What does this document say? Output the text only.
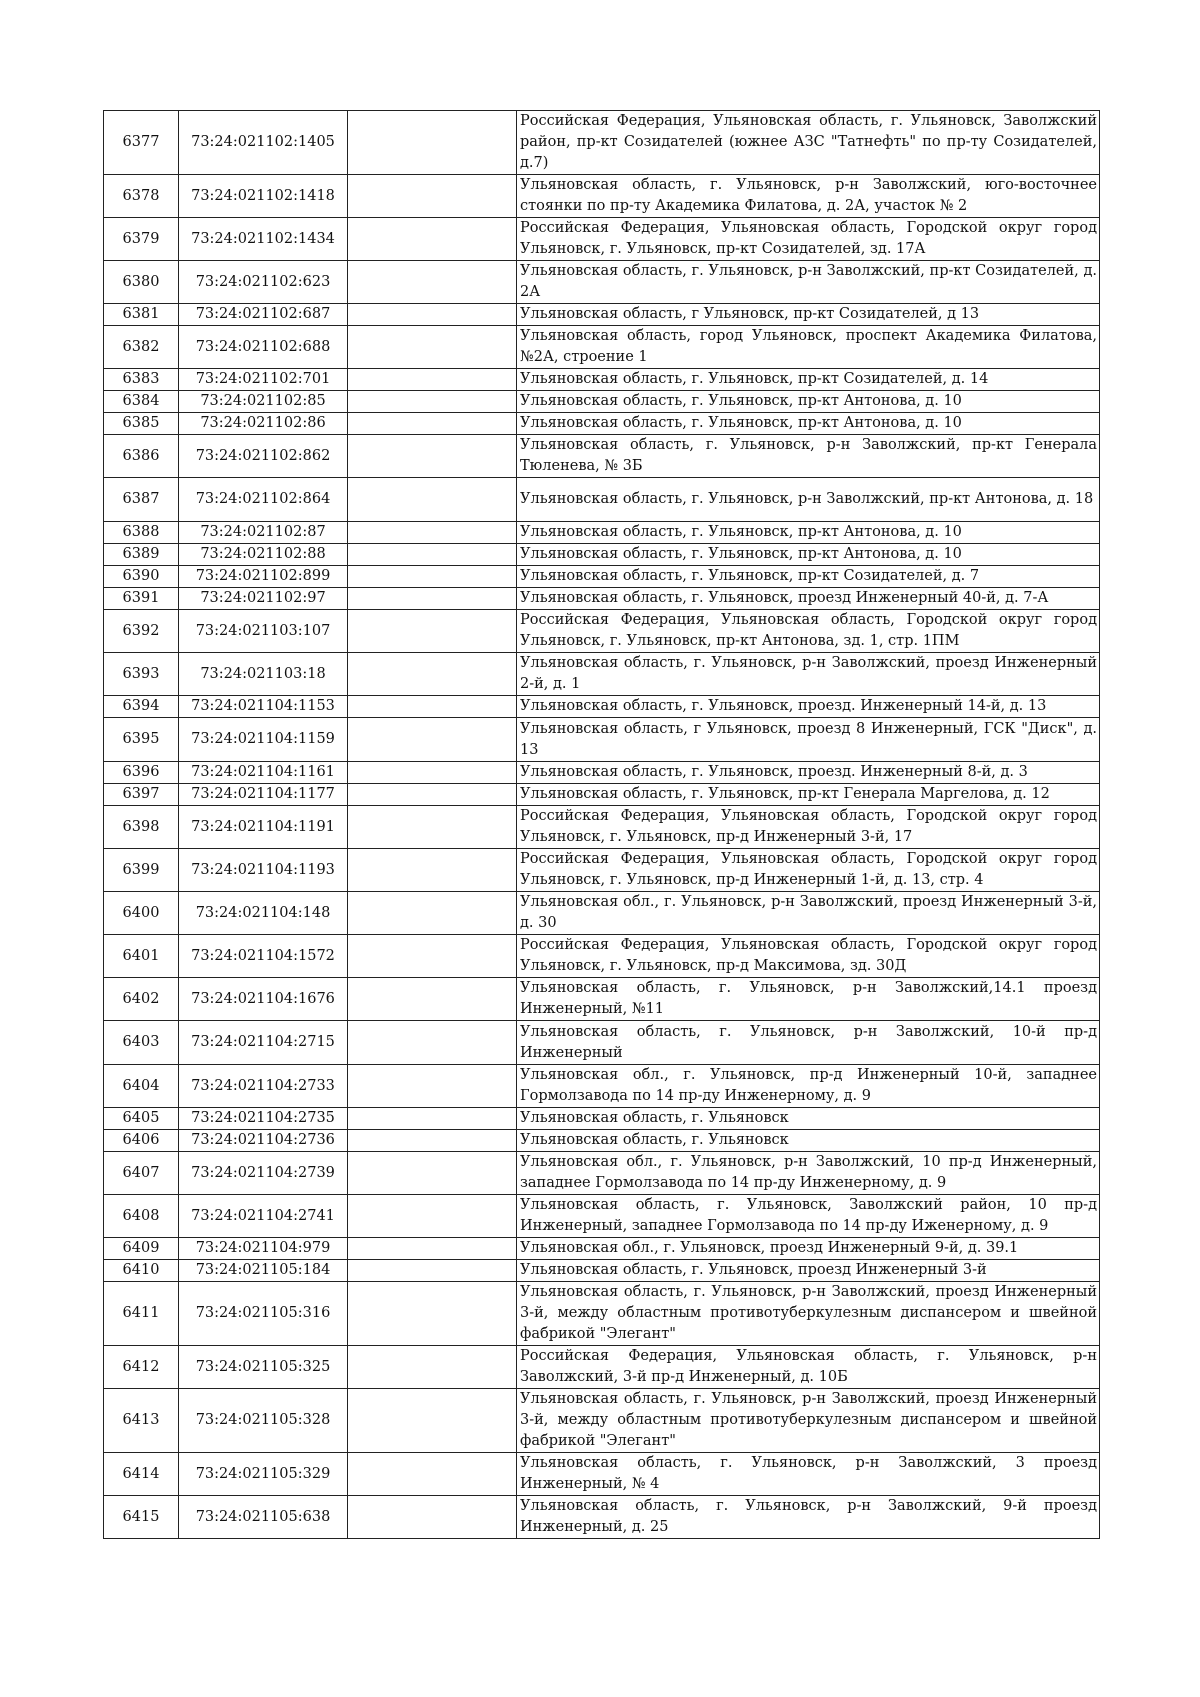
6377	73:24:021102:1405		Российская Федерация, Ульяновская область, г. Ульяновск, Заволжский район, пр-кт Созидателей (южнее АЗС "Татнефть" по пр-ту Созидателей, д.7)
6378	73:24:021102:1418		Ульяновская область, г. Ульяновск, р-н Заволжский, юго-восточнее стоянки по пр-ту Академика Филатова, д. 2А, участок № 2
6379	73:24:021102:1434		Российская Федерация, Ульяновская область, Городской округ город Ульяновск, г. Ульяновск, пр-кт Созидателей, зд. 17А
6380	73:24:021102:623		Ульяновская область, г. Ульяновск, р-н Заволжский, пр-кт Созидателей, д. 2А
6381	73:24:021102:687		Ульяновская область, г Ульяновск, пр-кт Созидателей, д 13
6382	73:24:021102:688		Ульяновская область, город Ульяновск, проспект Академика Филатова, №2А, строение 1
6383	73:24:021102:701		Ульяновская область, г. Ульяновск, пр-кт Созидателей, д. 14
6384	73:24:021102:85		Ульяновская область, г. Ульяновск, пр-кт Антонова, д. 10
6385	73:24:021102:86		Ульяновская область, г. Ульяновск, пр-кт Антонова, д. 10
6386	73:24:021102:862		Ульяновская область, г. Ульяновск, р-н Заволжский, пр-кт Генерала Тюленева, № 3Б
6387	73:24:021102:864		Ульяновская область, г. Ульяновск, р-н Заволжский, пр-кт Антонова, д. 18
6388	73:24:021102:87		Ульяновская область, г. Ульяновск, пр-кт Антонова, д. 10
6389	73:24:021102:88		Ульяновская область, г. Ульяновск, пр-кт Антонова, д. 10
6390	73:24:021102:899		Ульяновская область, г. Ульяновск, пр-кт Созидателей, д. 7
6391	73:24:021102:97		Ульяновская область, г. Ульяновск, проезд Инженерный 40-й, д. 7-А
6392	73:24:021103:107		Российская Федерация, Ульяновская область, Городской округ город Ульяновск, г. Ульяновск, пр-кт Антонова, зд. 1, стр. 1ПМ
6393	73:24:021103:18		Ульяновская область, г. Ульяновск, р-н Заволжский, проезд Инженерный 2-й, д. 1
6394	73:24:021104:1153		Ульяновская область, г. Ульяновск, проезд. Инженерный 14-й, д. 13
6395	73:24:021104:1159		Ульяновская область, г Ульяновск, проезд 8 Инженерный, ГСК "Диск", д. 13
6396	73:24:021104:1161		Ульяновская область, г. Ульяновск, проезд. Инженерный 8-й, д. 3
6397	73:24:021104:1177		Ульяновская область, г. Ульяновск, пр-кт Генерала Маргелова, д. 12
6398	73:24:021104:1191		Российская Федерация, Ульяновская область, Городской округ город Ульяновск, г. Ульяновск, пр-д Инженерный 3-й, 17
6399	73:24:021104:1193		Российская Федерация, Ульяновская область, Городской округ город Ульяновск, г. Ульяновск, пр-д Инженерный 1-й, д. 13, стр. 4
6400	73:24:021104:148		Ульяновская обл., г. Ульяновск, р-н Заволжский, проезд Инженерный 3-й, д. 30
6401	73:24:021104:1572		Российская Федерация, Ульяновская область, Городской округ город Ульяновск, г. Ульяновск, пр-д Максимова, зд. 30Д
6402	73:24:021104:1676		Ульяновская область, г. Ульяновск, р-н Заволжский,14.1 проезд Инженерный, №11
6403	73:24:021104:2715		Ульяновская область, г. Ульяновск, р-н Заволжский, 10-й пр-д Инженерный
6404	73:24:021104:2733		Ульяновская обл., г. Ульяновск, пр-д Инженерный 10-й, западнее Гормолзавода по 14 пр-ду Инженерному, д. 9
6405	73:24:021104:2735		Ульяновская область, г. Ульяновск
6406	73:24:021104:2736		Ульяновская область, г. Ульяновск
6407	73:24:021104:2739		Ульяновская обл., г. Ульяновск, р-н Заволжский, 10 пр-д Инженерный, западнее Гормолзавода по 14 пр-ду Инженерному, д. 9
6408	73:24:021104:2741		Ульяновская область, г. Ульяновск, Заволжский район, 10 пр-д Инженерный, западнее Гормолзавода по 14 пр-ду Иженерному, д. 9
6409	73:24:021104:979		Ульяновская обл., г. Ульяновск, проезд Инженерный 9-й, д. 39.1
6410	73:24:021105:184		Ульяновская область, г. Ульяновск, проезд Инженерный 3-й
6411	73:24:021105:316		Ульяновская область, г. Ульяновск, р-н Заволжский, проезд Инженерный 3-й, между областным противотуберкулезным диспансером и швейной фабрикой "Элегант"
6412	73:24:021105:325		Российская Федерация, Ульяновская область, г. Ульяновск, р-н Заволжский, 3-й пр-д Инженерный, д. 10Б
6413	73:24:021105:328		Ульяновская область, г. Ульяновск, р-н Заволжский, проезд Инженерный 3-й, между областным противотуберкулезным диспансером и швейной фабрикой "Элегант"
6414	73:24:021105:329		Ульяновская область, г. Ульяновск, р-н Заволжский, 3 проезд Инженерный, № 4
6415	73:24:021105:638		Ульяновская область, г. Ульяновск, р-н Заволжский, 9-й проезд Инженерный, д. 25
